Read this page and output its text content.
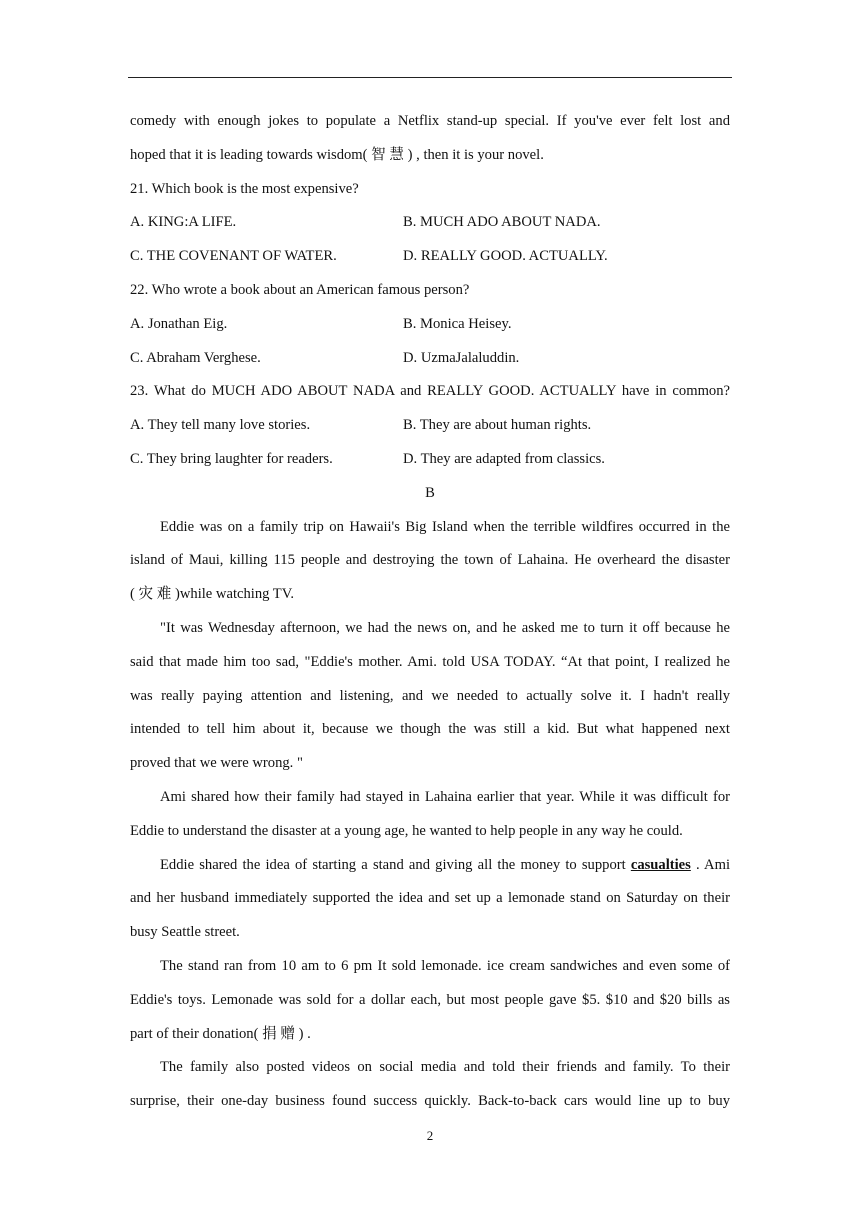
comedy with enough jokes to populate a Netflix stand-up special. If you've ever felt lost and
hoped that it is leading towards wisdom( 智 慧 ) , then it is your novel.
21. Which book is the most expensive?
A. KING:A LIFE.	B. MUCH ADO ABOUT NADA.
C. THE COVENANT OF WATER.	D. REALLY GOOD. ACTUALLY.
22. Who wrote a book about an American famous person?
A. Jonathan Eig.	B. Monica Heisey.
C. Abraham Verghese.	D. UzmaJalaluddin.
23. What do MUCH ADO ABOUT NADA and REALLY GOOD. ACTUALLY have in common?
A. They tell many love stories.	B. They are about human rights.
C. They bring laughter for readers.	D. They are adapted from classics.
B
Eddie was on a family trip on Hawaii's Big Island when the terrible wildfires occurred in the
island of Maui, killing 115 people and destroying the town of Lahaina. He overheard the disaster
( 灾 难 )while watching TV.
"It was Wednesday afternoon, we had the news on, and he asked me to turn it off because he
said that made him too sad, "Eddie's mother. Ami. told USA TODAY. “At that point, I realized he
was really paying attention and listening, and we needed to actually solve it. I hadn't really
intended to tell him about it, because we though the was still a kid. But what happened next
proved that we were wrong. "
Ami shared how their family had stayed in Lahaina earlier that year. While it was difficult for
Eddie to understand the disaster at a young age, he wanted to help people in any way he could.
Eddie shared the idea of starting a stand and giving all the money to support casualties . Ami
and her husband immediately supported the idea and set up a lemonade stand on Saturday on their
busy Seattle street.
The stand ran from 10 am to 6 pm It sold lemonade. ice cream sandwiches and even some of
Eddie's toys. Lemonade was sold for a dollar each, but most people gave $5. $10 and $20 bills as
part of their donation( 捐 赠 ) .
The family also posted videos on social media and told their friends and family. To their
surprise, their one-day business found success quickly. Back-to-back cars would line up to buy
2
